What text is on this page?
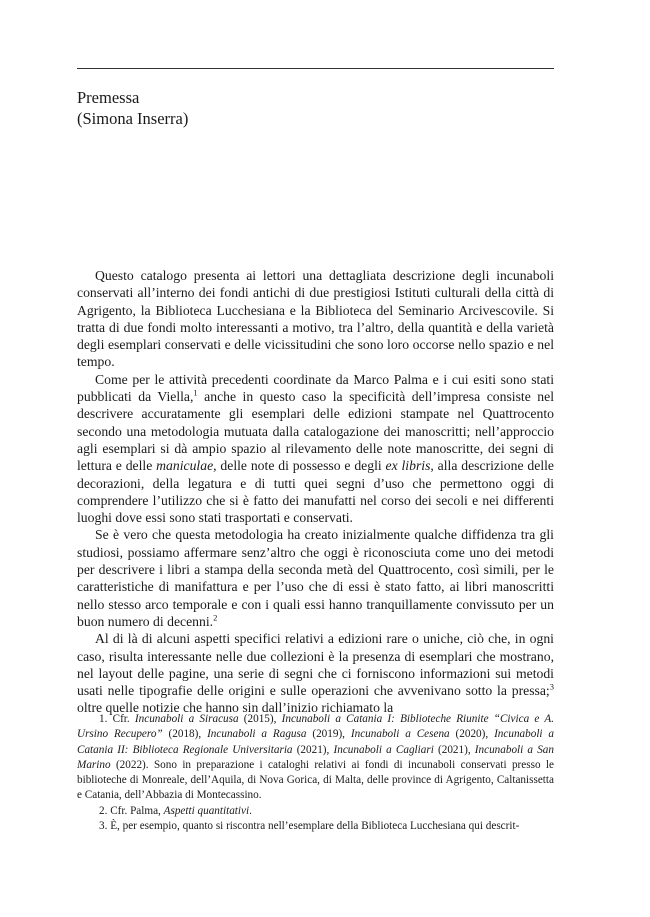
Premessa
(Simona Inserra)

Questo catalogo presenta ai lettori una dettagliata descrizione degli incunaboli conservati all’interno dei fondi antichi di due prestigiosi Istituti culturali della città di Agrigento, la Biblioteca Lucchesiana e la Biblioteca del Seminario Arcivescovile. Si tratta di due fondi molto interessanti a motivo, tra l’altro, della quantità e della varietà degli esemplari conservati e delle vicissitudini che sono loro occorse nello spazio e nel tempo.

Come per le attività precedenti coordinate da Marco Palma e i cui esiti sono stati pubblicati da Viella,$^1$ anche in questo caso la specificità dell’impresa consiste nel descrivere accuratamente gli esemplari delle edizioni stampate nel Quattrocento secondo una metodologia mutuata dalla catalogazione dei manoscritti; nell’approccio agli esemplari si dà ampio spazio al rilevamento delle note manoscritte, dei segni di lettura e delle maniculae, delle note di possesso e degli ex libris, alla descrizione delle decorazioni, della legatura e di tutti quei segni d’uso che permettono oggi di comprendere l’utilizzo che si è fatto dei manufatti nel corso dei secoli e nei differenti luoghi dove essi sono stati trasportati e conservati.

Se è vero che questa metodologia ha creato inizialmente qualche diffidenza tra gli studiosi, possiamo affermare senz’altro che oggi è riconosciuta come uno dei metodi per descrivere i libri a stampa della seconda metà del Quattrocento, così simili, per le caratteristiche di manifattura e per l’uso che di essi è stato fatto, ai libri manoscritti nello stesso arco temporale e con i quali essi hanno tranquillamente convissuto per un buon numero di decenni.$^2$

Al di là di alcuni aspetti specifici relativi a edizioni rare o uniche, ciò che, in ogni caso, risulta interessante nelle due collezioni è la presenza di esemplari che mostrano, nel layout delle pagine, una serie di segni che ci forniscono informazioni sui metodi usati nelle tipografie delle origini e sulle operazioni che avvenivano sotto la pressa;$^3$ oltre quelle notizie che hanno sin dall’inizio richiamato la

1. Cfr. Incunaboli a Siracusa (2015), Incunaboli a Catania I: Biblioteche Riunite “Civica e A. Ursino Recupero” (2018), Incunaboli a Ragusa (2019), Incunaboli a Cesena (2020), Incunaboli a Catania II: Biblioteca Regionale Universitaria (2021), Incunaboli a Cagliari (2021), Incunaboli a San Marino (2022). Sono in preparazione i cataloghi relativi ai fondi di incunaboli conservati presso le biblioteche di Monreale, dell’Aquila, di Nova Gorica, di Malta, delle province di Agrigento, Caltanissetta e Catania, dell’Abbazia di Montecassino.

2. Cfr. Palma, Aspetti quantitativi.

3. È, per esempio, quanto si riscontra nell’esemplare della Biblioteca Lucchesiana qui descrit-
